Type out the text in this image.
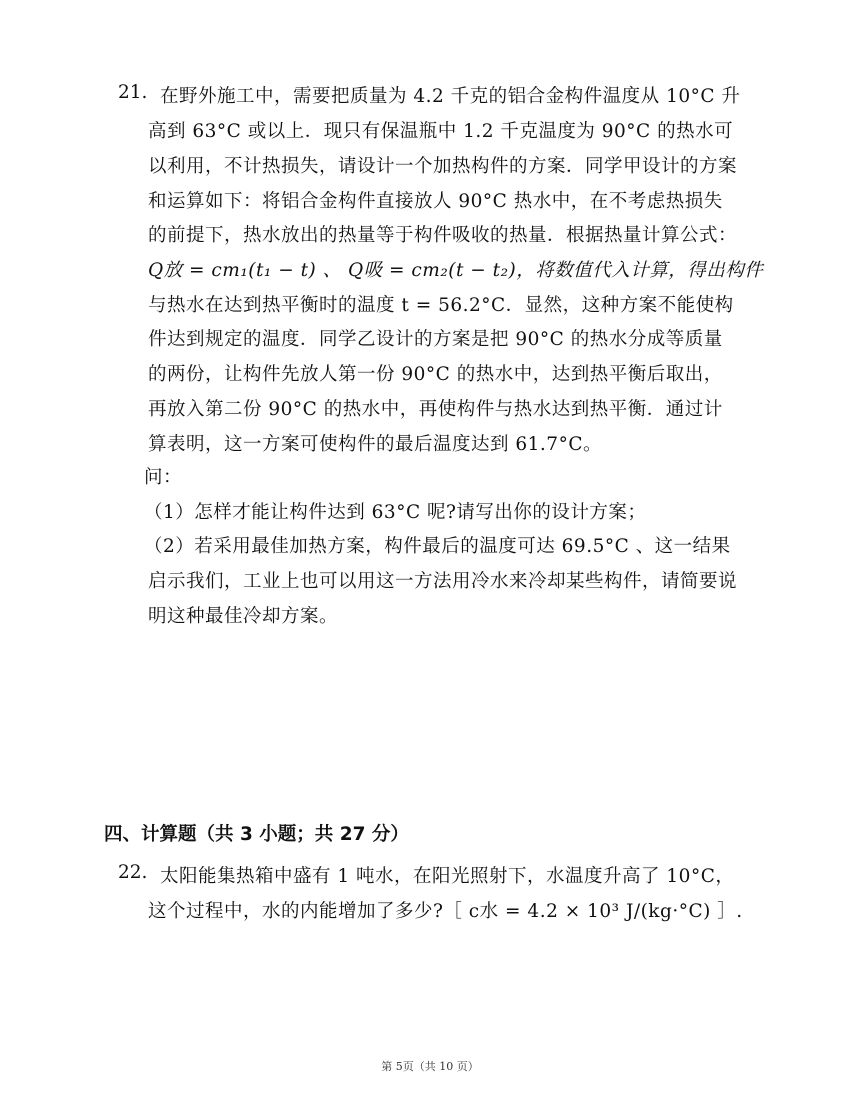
21. 在野外施工中，需要把质量为 4.2 千克的铝合金构件温度从 10°C 升
高到 63°C 或以上．现只有保温瓶中 1.2 千克温度为 90°C 的热水可
以利用，不计热损失，请设计一个加热构件的方案．同学甲设计的方案
和运算如下：将铝合金构件直接放人 90°C 热水中，在不考虑热损失
的前提下，热水放出的热量等于构件吸收的热量．根据热量计算公式：
Q放 = cm₁(t₁ − t) 、 Q吸 = cm₂(t − t₂)，将数值代入计算，得出构件
与热水在达到热平衡时的温度 t = 56.2°C．显然，这种方案不能使构
件达到规定的温度．同学乙设计的方案是把 90°C 的热水分成等质量
的两份，让构件先放人第一份 90°C 的热水中，达到热平衡后取出，
再放入第二份 90°C 的热水中，再使构件与热水达到热平衡．通过计
算表明，这一方案可使构件的最后温度达到 61.7°C。
问：
（1）怎样才能让构件达到 63°C 呢?请写出你的设计方案；
（2）若采用最佳加热方案，构件最后的温度可达 69.5°C 、这一结果
启示我们，工业上也可以用这一方法用冷水来冷却某些构件，请简要说
明这种最佳冷却方案。
四、计算题（共 3 小题；共 27 分）
22. 太阳能集热箱中盛有 1 吨水，在阳光照射下，水温度升高了 10°C，
这个过程中，水的内能增加了多少?［ c水 = 4.2 × 10³ J/(kg·°C) ］.
第 5页（共 10 页）
